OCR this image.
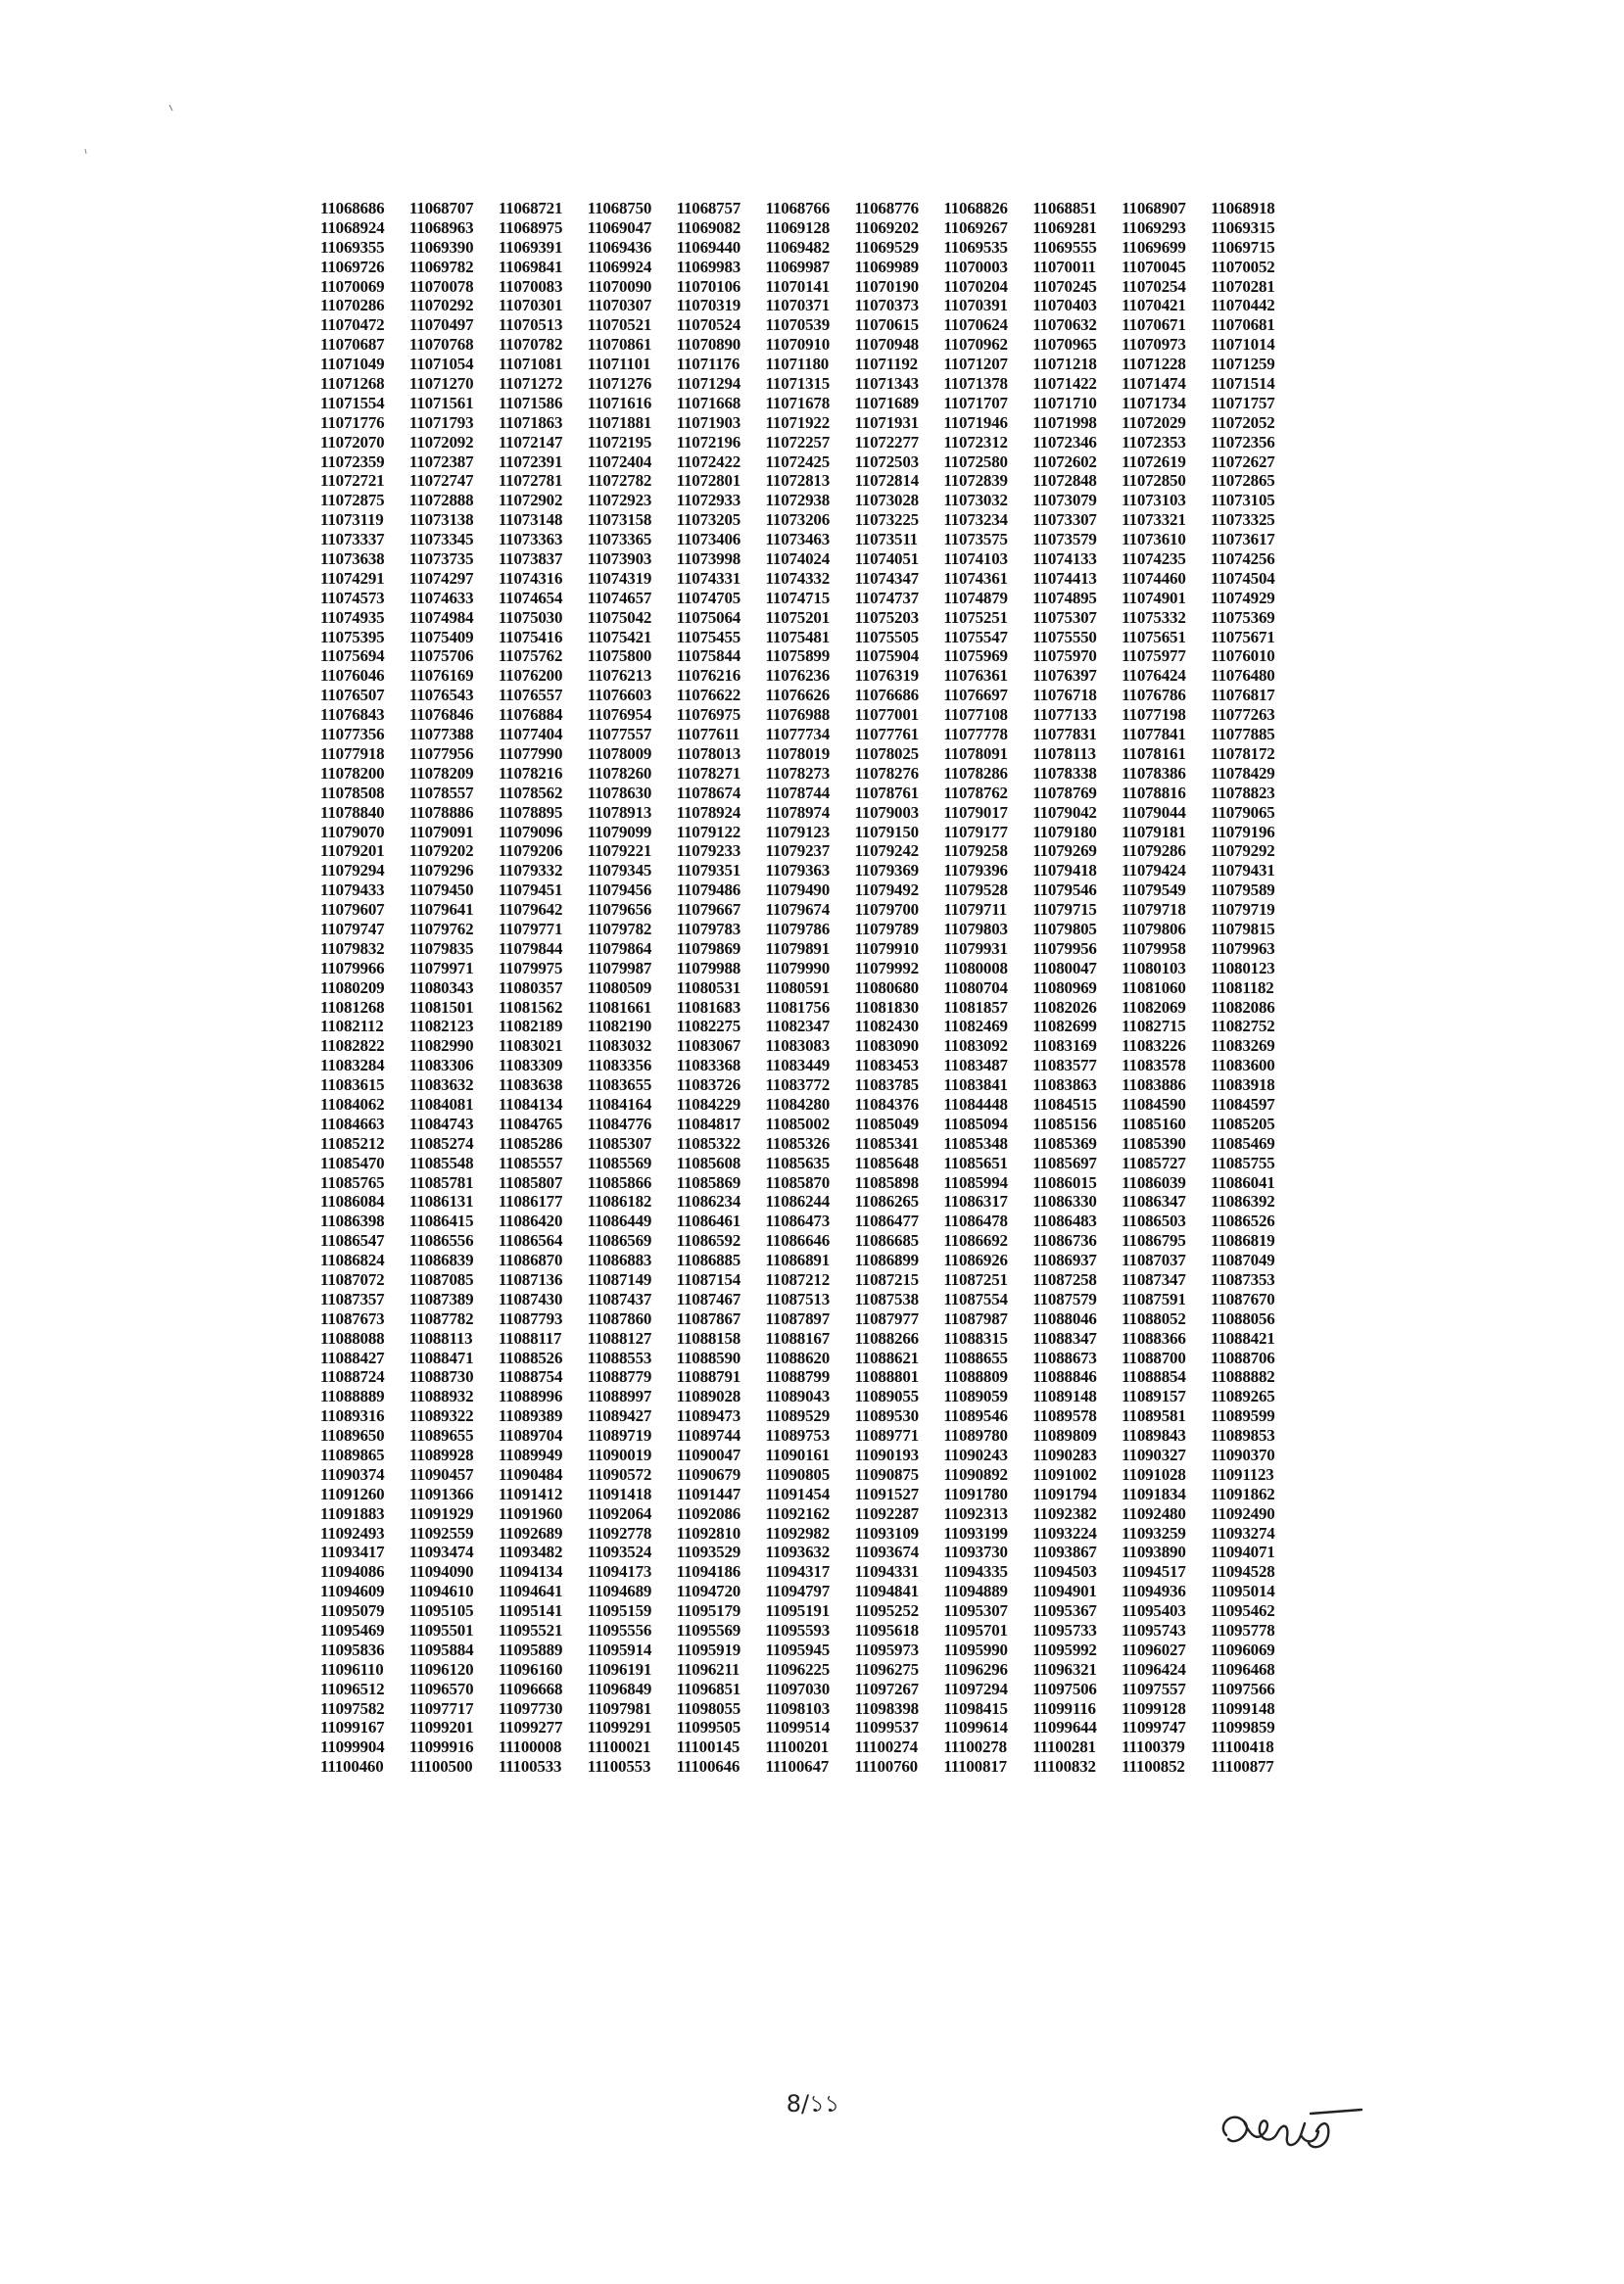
11068686	11068707	11068721	11068750	11068757	11068766	11068776	11068826	11068851	11068907	11068918
11068924	11068963	11068975	11069047	11069082	11069128	11069202	11069267	11069281	11069293	11069315
11069355	11069390	11069391	11069436	11069440	11069482	11069529	11069535	11069555	11069699	11069715
11069726	11069782	11069841	11069924	11069983	11069987	11069989	11070003	11070011	11070045	11070052
11070069	11070078	11070083	11070090	11070106	11070141	11070190	11070204	11070245	11070254	11070281
11070286	11070292	11070301	11070307	11070319	11070371	11070373	11070391	11070403	11070421	11070442
11070472	11070497	11070513	11070521	11070524	11070539	11070615	11070624	11070632	11070671	11070681
11070687	11070768	11070782	11070861	11070890	11070910	11070948	11070962	11070965	11070973	11071014
11071049	11071054	11071081	11071101	11071176	11071180	11071192	11071207	11071218	11071228	11071259
11071268	11071270	11071272	11071276	11071294	11071315	11071343	11071378	11071422	11071474	11071514
11071554	11071561	11071586	11071616	11071668	11071678	11071689	11071707	11071710	11071734	11071757
11071776	11071793	11071863	11071881	11071903	11071922	11071931	11071946	11071998	11072029	11072052
11072070	11072092	11072147	11072195	11072196	11072257	11072277	11072312	11072346	11072353	11072356
11072359	11072387	11072391	11072404	11072422	11072425	11072503	11072580	11072602	11072619	11072627
11072721	11072747	11072781	11072782	11072801	11072813	11072814	11072839	11072848	11072850	11072865
11072875	11072888	11072902	11072923	11072933	11072938	11073028	11073032	11073079	11073103	11073105
11073119	11073138	11073148	11073158	11073205	11073206	11073225	11073234	11073307	11073321	11073325
11073337	11073345	11073363	11073365	11073406	11073463	11073511	11073575	11073579	11073610	11073617
11073638	11073735	11073837	11073903	11073998	11074024	11074051	11074103	11074133	11074235	11074256
11074291	11074297	11074316	11074319	11074331	11074332	11074347	11074361	11074413	11074460	11074504
11074573	11074633	11074654	11074657	11074705	11074715	11074737	11074879	11074895	11074901	11074929
11074935	11074984	11075030	11075042	11075064	11075201	11075203	11075251	11075307	11075332	11075369
11075395	11075409	11075416	11075421	11075455	11075481	11075505	11075547	11075550	11075651	11075671
11075694	11075706	11075762	11075800	11075844	11075899	11075904	11075969	11075970	11075977	11076010
11076046	11076169	11076200	11076213	11076216	11076236	11076319	11076361	11076397	11076424	11076480
11076507	11076543	11076557	11076603	11076622	11076626	11076686	11076697	11076718	11076786	11076817
11076843	11076846	11076884	11076954	11076975	11076988	11077001	11077108	11077133	11077198	11077263
11077356	11077388	11077404	11077557	11077611	11077734	11077761	11077778	11077831	11077841	11077885
11077918	11077956	11077990	11078009	11078013	11078019	11078025	11078091	11078113	11078161	11078172
11078200	11078209	11078216	11078260	11078271	11078273	11078276	11078286	11078338	11078386	11078429
11078508	11078557	11078562	11078630	11078674	11078744	11078761	11078762	11078769	11078816	11078823
11078840	11078886	11078895	11078913	11078924	11078974	11079003	11079017	11079042	11079044	11079065
11079070	11079091	11079096	11079099	11079122	11079123	11079150	11079177	11079180	11079181	11079196
11079201	11079202	11079206	11079221	11079233	11079237	11079242	11079258	11079269	11079286	11079292
11079294	11079296	11079332	11079345	11079351	11079363	11079369	11079396	11079418	11079424	11079431
11079433	11079450	11079451	11079456	11079486	11079490	11079492	11079528	11079546	11079549	11079589
11079607	11079641	11079642	11079656	11079667	11079674	11079700	11079711	11079715	11079718	11079719
11079747	11079762	11079771	11079782	11079783	11079786	11079789	11079803	11079805	11079806	11079815
11079832	11079835	11079844	11079864	11079869	11079891	11079910	11079931	11079956	11079958	11079963
11079966	11079971	11079975	11079987	11079988	11079990	11079992	11080008	11080047	11080103	11080123
11080209	11080343	11080357	11080509	11080531	11080591	11080680	11080704	11080969	11081060	11081182
11081268	11081501	11081562	11081661	11081683	11081756	11081830	11081857	11082026	11082069	11082086
11082112	11082123	11082189	11082190	11082275	11082347	11082430	11082469	11082699	11082715	11082752
11082822	11082990	11083021	11083032	11083067	11083083	11083090	11083092	11083169	11083226	11083269
11083284	11083306	11083309	11083356	11083368	11083449	11083453	11083487	11083577	11083578	11083600
11083615	11083632	11083638	11083655	11083726	11083772	11083785	11083841	11083863	11083886	11083918
11084062	11084081	11084134	11084164	11084229	11084280	11084376	11084448	11084515	11084590	11084597
11084663	11084743	11084765	11084776	11084817	11085002	11085049	11085094	11085156	11085160	11085205
11085212	11085274	11085286	11085307	11085322	11085326	11085341	11085348	11085369	11085390	11085469
11085470	11085548	11085557	11085569	11085608	11085635	11085648	11085651	11085697	11085727	11085755
11085765	11085781	11085807	11085866	11085869	11085870	11085898	11085994	11086015	11086039	11086041
11086084	11086131	11086177	11086182	11086234	11086244	11086265	11086317	11086330	11086347	11086392
11086398	11086415	11086420	11086449	11086461	11086473	11086477	11086478	11086483	11086503	11086526
11086547	11086556	11086564	11086569	11086592	11086646	11086685	11086692	11086736	11086795	11086819
11086824	11086839	11086870	11086883	11086885	11086891	11086899	11086926	11086937	11087037	11087049
11087072	11087085	11087136	11087149	11087154	11087212	11087215	11087251	11087258	11087347	11087353
11087357	11087389	11087430	11087437	11087467	11087513	11087538	11087554	11087579	11087591	11087670
11087673	11087782	11087793	11087860	11087867	11087897	11087977	11087987	11088046	11088052	11088056
11088088	11088113	11088117	11088127	11088158	11088167	11088266	11088315	11088347	11088366	11088421
11088427	11088471	11088526	11088553	11088590	11088620	11088621	11088655	11088673	11088700	11088706
11088724	11088730	11088754	11088779	11088791	11088799	11088801	11088809	11088846	11088854	11088882
11088889	11088932	11088996	11088997	11089028	11089043	11089055	11089059	11089148	11089157	11089265
11089316	11089322	11089389	11089427	11089473	11089529	11089530	11089546	11089578	11089581	11089599
11089650	11089655	11089704	11089719	11089744	11089753	11089771	11089780	11089809	11089843	11089853
11089865	11089928	11089949	11090019	11090047	11090161	11090193	11090243	11090283	11090327	11090370
11090374	11090457	11090484	11090572	11090679	11090805	11090875	11090892	11091002	11091028	11091123
11091260	11091366	11091412	11091418	11091447	11091454	11091527	11091780	11091794	11091834	11091862
11091883	11091929	11091960	11092064	11092086	11092162	11092287	11092313	11092382	11092480	11092490
11092493	11092559	11092689	11092778	11092810	11092982	11093109	11093199	11093224	11093259	11093274
11093417	11093474	11093482	11093524	11093529	11093632	11093674	11093730	11093867	11093890	11094071
11094086	11094090	11094134	11094173	11094186	11094317	11094331	11094335	11094503	11094517	11094528
11094609	11094610	11094641	11094689	11094720	11094797	11094841	11094889	11094901	11094936	11095014
11095079	11095105	11095141	11095159	11095179	11095191	11095252	11095307	11095367	11095403	11095462
11095469	11095501	11095521	11095556	11095569	11095593	11095618	11095701	11095733	11095743	11095778
11095836	11095884	11095889	11095914	11095919	11095945	11095973	11095990	11095992	11096027	11096069
11096110	11096120	11096160	11096191	11096211	11096225	11096275	11096296	11096321	11096424	11096468
11096512	11096570	11096668	11096849	11096851	11097030	11097267	11097294	11097506	11097557	11097566
11097582	11097717	11097730	11097981	11098055	11098103	11098398	11098415	11099116	11099128	11099148
11099167	11099201	11099277	11099291	11099505	11099514	11099537	11099614	11099644	11099747	11099859
11099904	11099916	11100008	11100021	11100145	11100201	11100274	11100278	11100281	11100379	11100418
11100460	11100500	11100533	11100553	11100646	11100647	11100760	11100817	11100832	11100852	11100877
8/১১
